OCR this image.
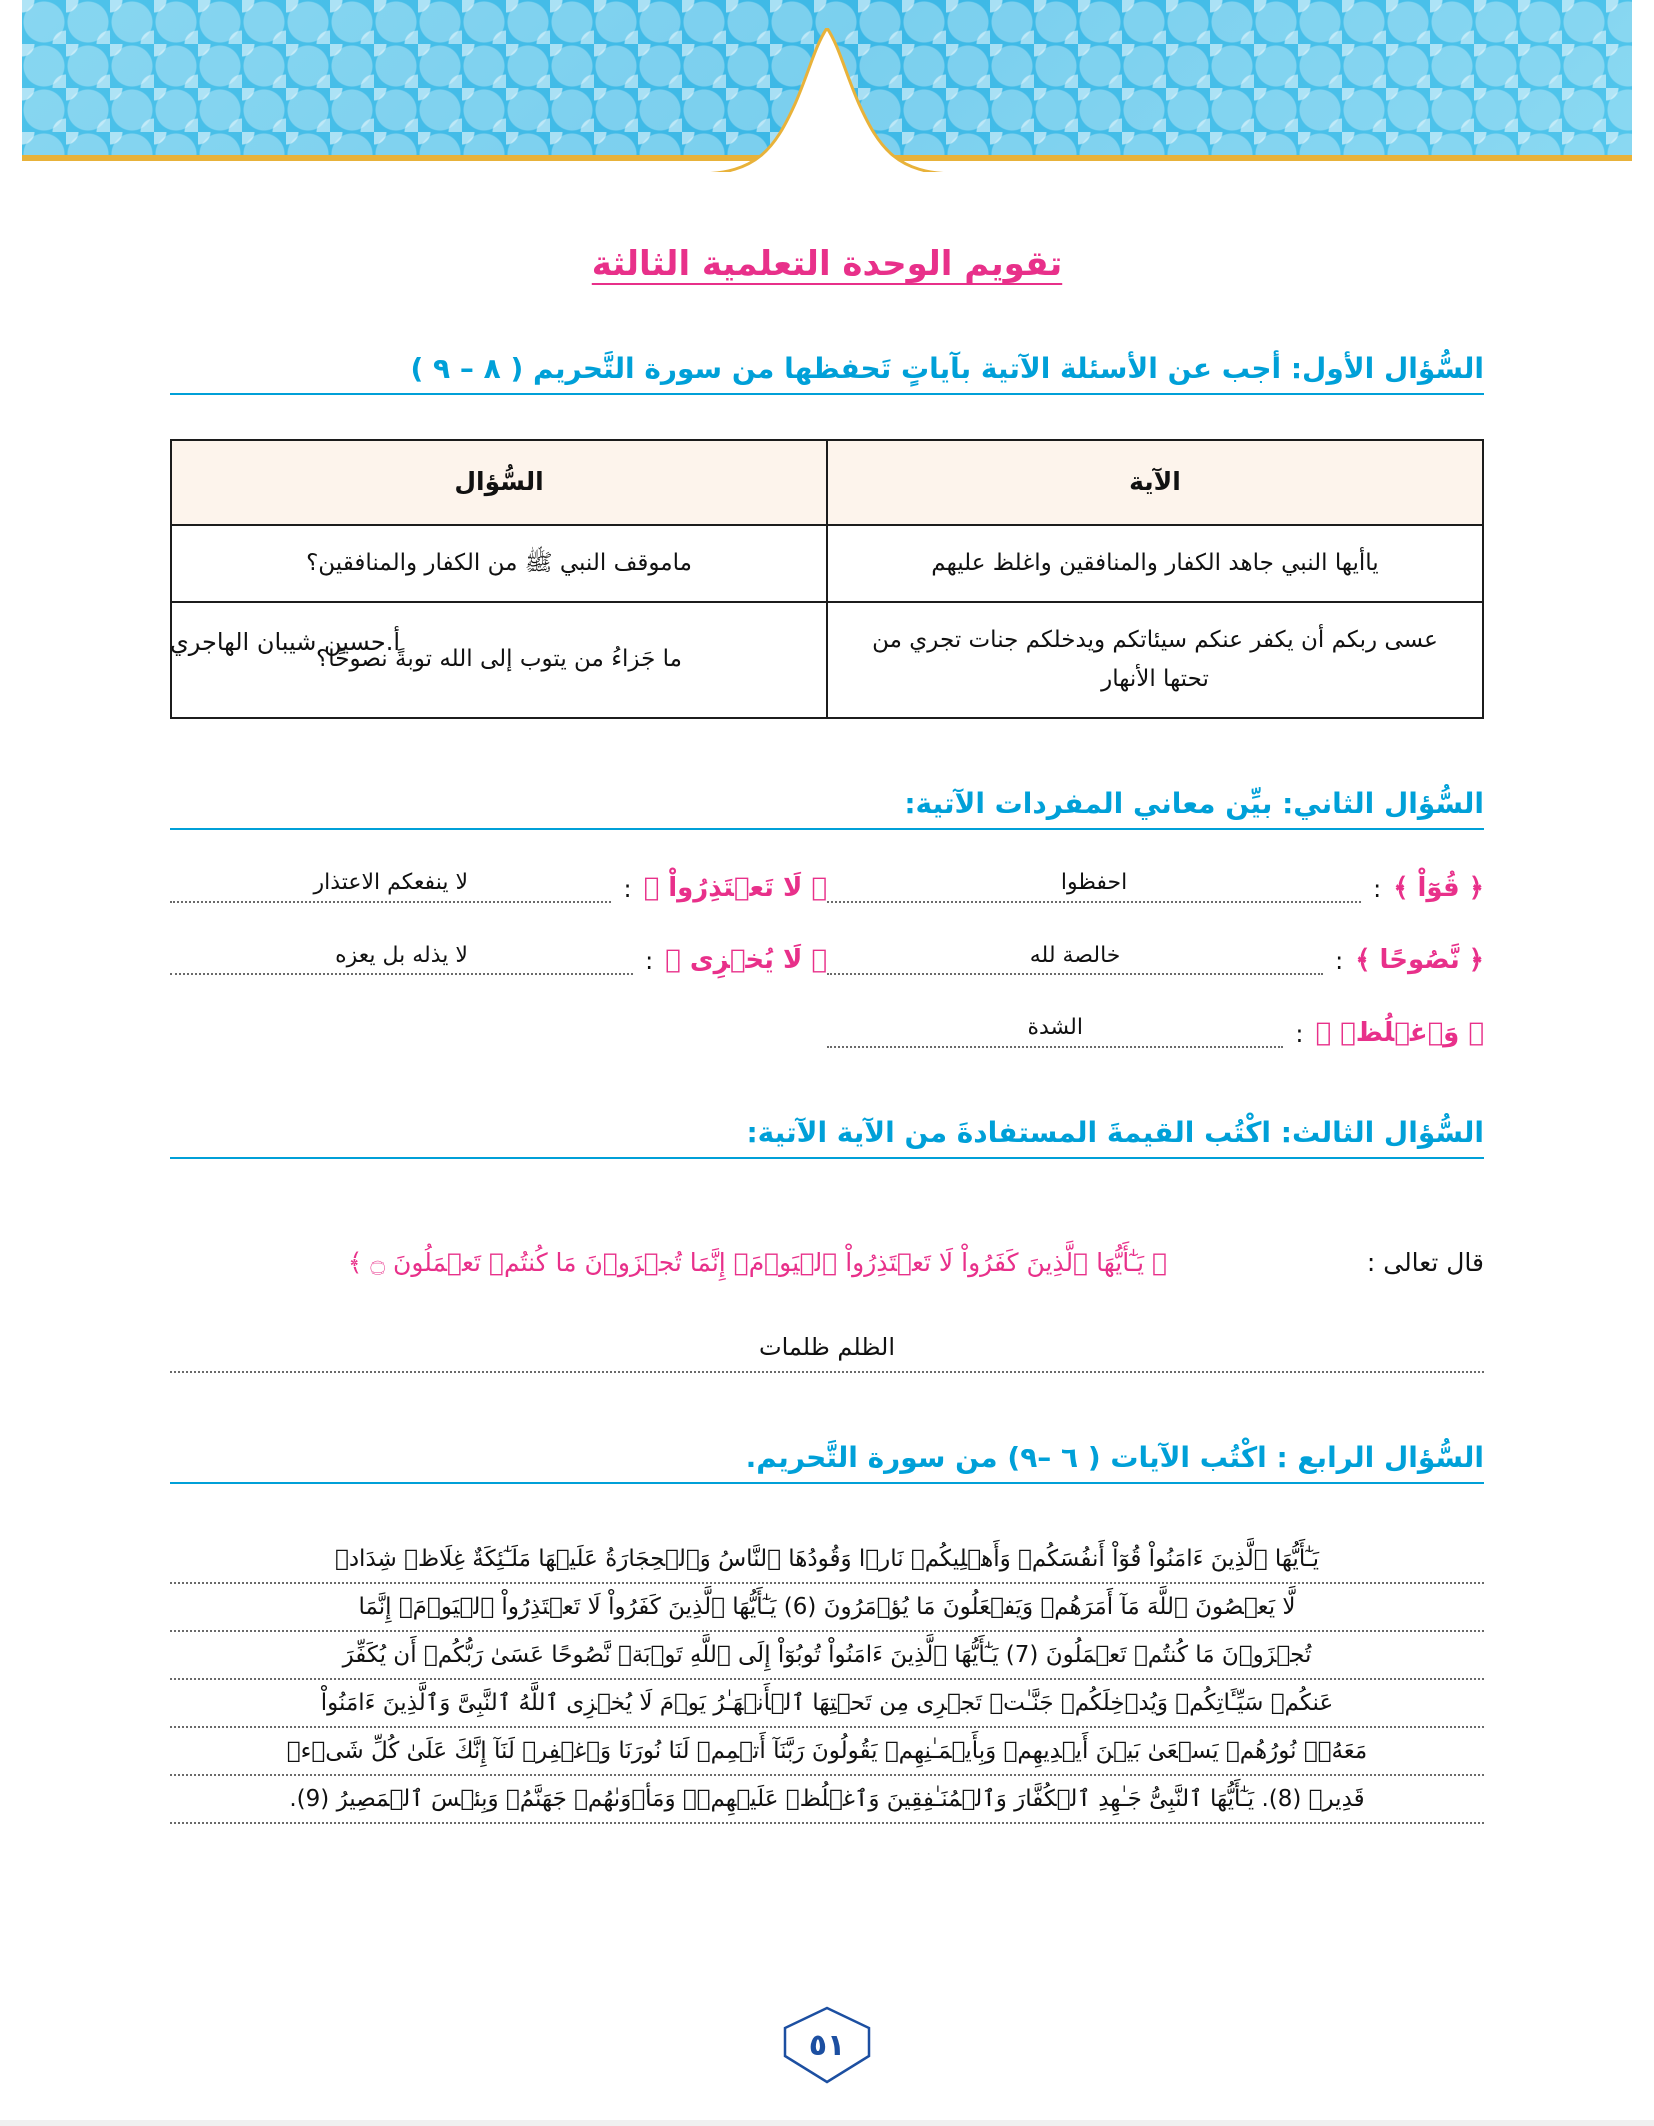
تقويم الوحدة التعلمية الثالثة
السُّؤال الأول: أجب عن الأسئلة الآتية بآياتٍ تَحفظها من سورة التَّحريم ( ٨ – ٩ )
الآية	السُّؤال
ياأيها النبي جاهد الكفار والمنافقين واغلظ عليهم	ماموقف النبي ﷺ من الكفار والمنافقين؟
عسى ربكم أن يكفر عنكم سيئاتكم ويدخلكم جنات تجري من تحتها الأنهار	ما جَزاءُ من يتوب إلى الله توبةً نصوحًا؟
السُّؤال الثاني: بيِّن معاني المفردات الآتية:
﴿ قُوٓاْ ﴾
:
احفظوا
﴿ لَا تَعۡتَذِرُواْ ﴾
:
لا ينفعكم الاعتذار
﴿ نَّصُوحًا ﴾
:
خالصة لله
﴿ لَا يُخۡزِی ﴾
:
لا يذله بل يعزه
﴿ وَٱغۡلُظۡ ﴾
:
الشدة
السُّؤال الثالث: اكْتُب القيمةَ المستفادةَ من الآية الآتية:
قال تعالى :
﴿ يَـٰٓأَيُّهَا ٱلَّذِينَ كَفَرُواْ لَا تَعۡتَذِرُواْ ٱلۡيَوۡمَۖ إِنَّمَا تُجۡزَوۡنَ مَا كُنتُمۡ تَعۡمَلُونَ ۝ ﴾
الظلم ظلمات
السُّؤال الرابع : اكْتُب الآيات ( ٦ –٩) من سورة التَّحريم.
يَـٰٓأَيُّهَا ٱلَّذِينَ ءَامَنُواْ قُوٓاْ أَنفُسَكُمۡ وَأَهۡلِيكُمۡ نَارࣰا وَقُودُهَا ٱلنَّاسُ وَٱلۡحِجَارَةُ عَلَيۡهَا مَلَـٰٓئِكَةٌ غِلَاظࣱ شِدَادࣱ
لَّا يَعۡصُونَ ٱللَّهَ مَآ أَمَرَهُمۡ وَيَفۡعَلُونَ مَا يُؤۡمَرُونَ (6) يَـٰٓأَيُّهَا ٱلَّذِينَ كَفَرُواْ لَا تَعۡتَذِرُواْ ٱلۡيَوۡمَۖ إِنَّمَا
تُجۡزَوۡنَ مَا كُنتُمۡ تَعۡمَلُونَ (7) يَـٰٓأَيُّهَا ٱلَّذِينَ ءَامَنُواْ تُوبُوٓاْ إِلَى ٱللَّهِ تَوۡبَةࣰ نَّصُوحًا عَسَىٰ رَبُّكُمۡ أَن يُكَفِّرَ
عَنكُمۡ سَيِّـَٔاتِكُمۡ وَيُدۡخِلَكُمۡ جَنَّـٰتࣲ تَجۡرِی مِن تَحۡتِهَا ٱلۡأَنۡهَـٰرُ يَوۡمَ لَا يُخۡزِی ٱللَّهُ ٱلنَّبِیَّ وَٱلَّذِينَ ءَامَنُواْ
مَعَهُۥۖ نُورُهُمۡ يَسۡعَىٰ بَيۡنَ أَيۡدِيهِمۡ وَبِأَيۡمَـٰنِهِمۡ يَقُولُونَ رَبَّنَآ أَتۡمِمۡ لَنَا نُورَنَا وَٱغۡفِرۡ لَنَآ إِنَّكَ عَلَىٰ كُلِّ شَیۡءࣲ
قَدِيرࣱ (8). يَـٰٓأَيُّهَا ٱلنَّبِیُّ جَـٰهِدِ ٱلۡكُفَّارَ وَٱلۡمُنَـٰفِقِينَ وَٱغۡلُظۡ عَلَيۡهِمۡۚ وَمَأۡوَىٰهُمۡ جَهَنَّمُۖ وَبِئۡسَ ٱلۡمَصِيرُ (9).
أ.حسين شيبان الهاجري
٥١
